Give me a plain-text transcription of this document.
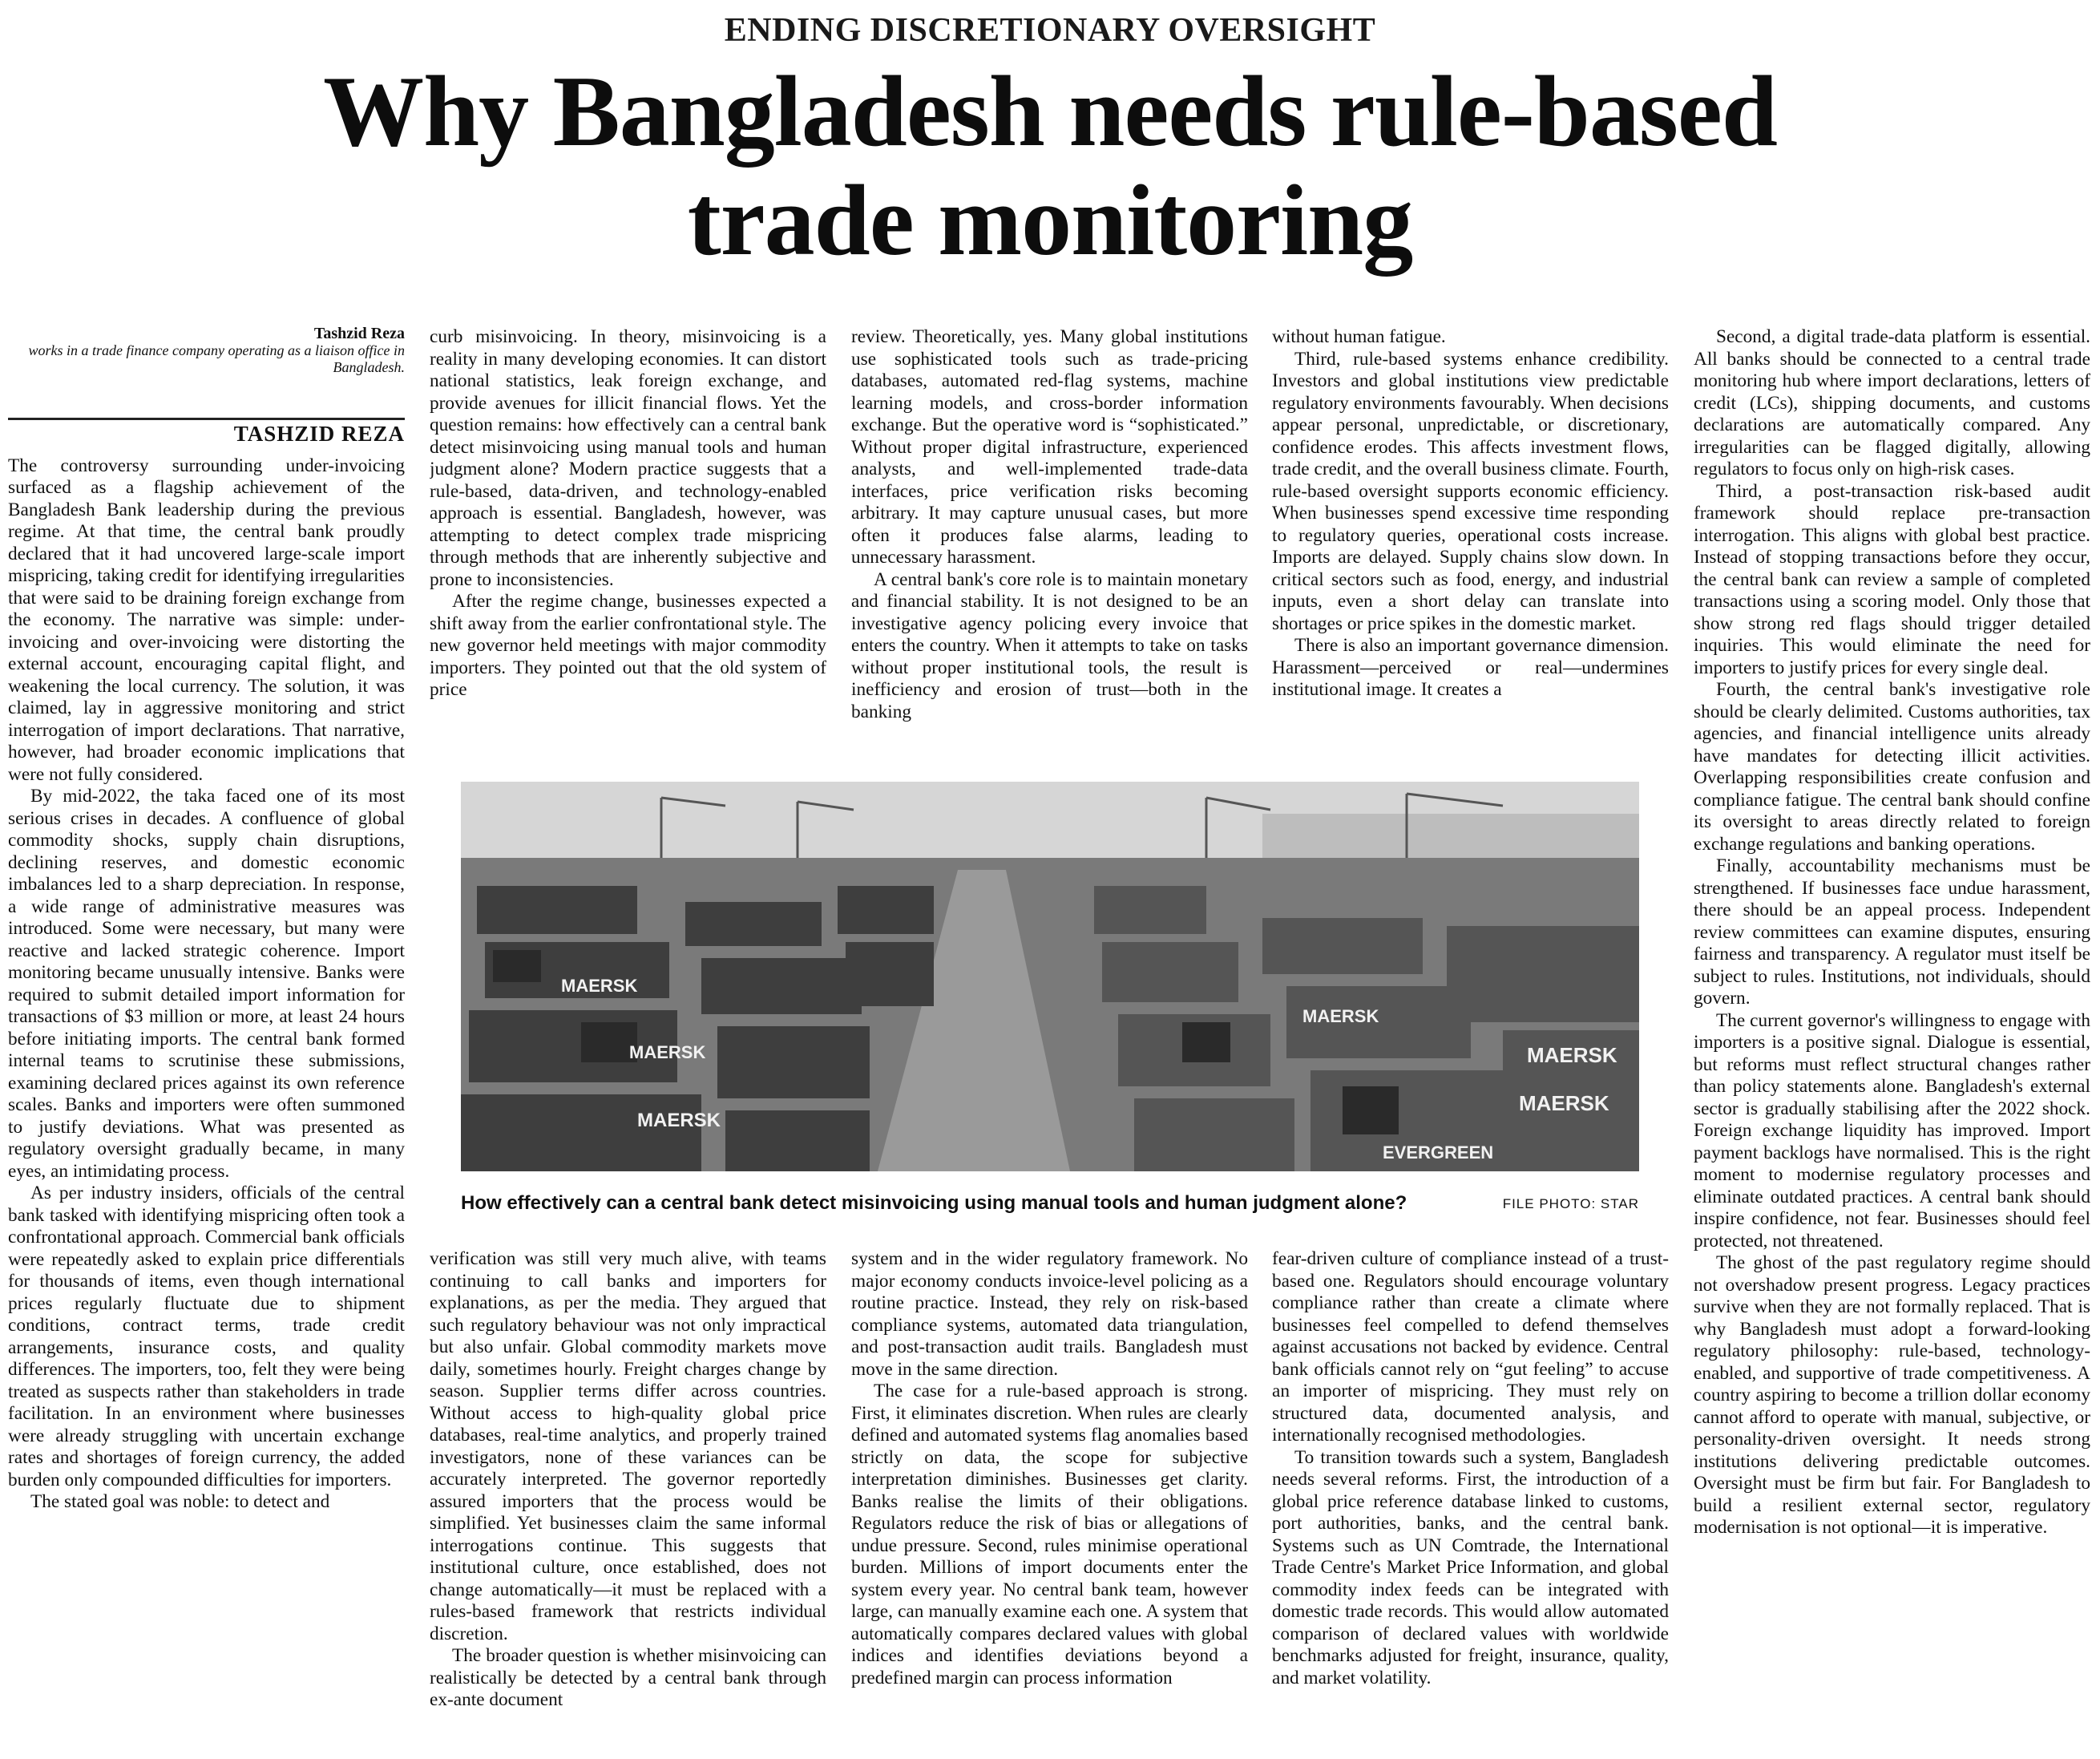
ENDING DISCRETIONARY OVERSIGHT
Why Bangladesh needs rule-based
trade monitoring
Tashzid Reza
works in a trade finance company operating as a liaison office in Bangladesh.
TASHZID REZA

The controversy surrounding under-invoicing surfaced as a flagship achievement of the Bangladesh Bank leadership during the previous regime. At that time, the central bank proudly declared that it had uncovered large-scale import mispricing, taking credit for identifying irregularities that were said to be draining foreign exchange from the economy. The narrative was simple: under-invoicing and over-invoicing were distorting the external account, encouraging capital flight, and weakening the local currency. The solution, it was claimed, lay in aggressive monitoring and strict interrogation of import declarations. That narrative, however, had broader economic implications that were not fully considered.

By mid-2022, the taka faced one of its most serious crises in decades. A confluence of global commodity shocks, supply chain disruptions, declining reserves, and domestic economic imbalances led to a sharp depreciation. In response, a wide range of administrative measures was introduced. Some were necessary, but many were reactive and lacked strategic coherence. Import monitoring became unusually intensive. Banks were required to submit detailed import information for transactions of $3 million or more, at least 24 hours before initiating imports. The central bank formed internal teams to scrutinise these submissions, examining declared prices against its own reference scales. Banks and importers were often summoned to justify deviations. What was presented as regulatory oversight gradually became, in many eyes, an intimidating process.

As per industry insiders, officials of the central bank tasked with identifying mispricing often took a confrontational approach. Commercial bank officials were repeatedly asked to explain price differentials for thousands of items, even though international prices regularly fluctuate due to shipment conditions, contract terms, trade credit arrangements, insurance costs, and quality differences. The importers, too, felt they were being treated as suspects rather than stakeholders in trade facilitation. In an environment where businesses were already struggling with uncertain exchange rates and shortages of foreign currency, the added burden only compounded difficulties for importers.

The stated goal was noble: to detect and

curb misinvoicing. In theory, misinvoicing is a reality in many developing economies. It can distort national statistics, leak foreign exchange, and provide avenues for illicit financial flows. Yet the question remains: how effectively can a central bank detect misinvoicing using manual tools and human judgment alone? Modern practice suggests that a rule-based, data-driven, and technology-enabled approach is essential. Bangladesh, however, was attempting to detect complex trade mispricing through methods that are inherently subjective and prone to inconsistencies.

After the regime change, businesses expected a shift away from the earlier confrontational style. The new governor held meetings with major commodity importers. They pointed out that the old system of price

review. Theoretically, yes. Many global institutions use sophisticated tools such as trade-pricing databases, automated red-flag systems, machine learning models, and cross-border information exchange. But the operative word is “sophisticated.” Without proper digital infrastructure, experienced analysts, and well-implemented trade-data interfaces, price verification risks becoming arbitrary. It may capture unusual cases, but more often it produces false alarms, leading to unnecessary harassment.

A central bank's core role is to maintain monetary and financial stability. It is not designed to be an investigative agency policing every invoice that enters the country. When it attempts to take on tasks without proper institutional tools, the result is inefficiency and erosion of trust—both in the banking

without human fatigue.

Third, rule-based systems enhance credibility. Investors and global institutions view predictable regulatory environments favourably. When decisions appear personal, unpredictable, or discretionary, confidence erodes. This affects investment flows, trade credit, and the overall business climate. Fourth, rule-based oversight supports economic efficiency. When businesses spend excessive time responding to regulatory queries, operational costs increase. Imports are delayed. Supply chains slow down. In critical sectors such as food, energy, and industrial inputs, even a short delay can translate into shortages or price spikes in the domestic market.

There is also an important governance dimension. Harassment—perceived or real—undermines institutional image. It creates a

MAERSK
MAERSK
MAERSK
MAERSK
MAERSK
MAERSK
EVERGREEN
How effectively can a central bank detect misinvoicing using manual tools and human judgment alone?	FILE PHOTO: STAR

verification was still very much alive, with teams continuing to call banks and importers for explanations, as per the media. They argued that such regulatory behaviour was not only impractical but also unfair. Global commodity markets move daily, sometimes hourly. Freight charges change by season. Supplier terms differ across countries. Without access to high-quality global price databases, real-time analytics, and properly trained investigators, none of these variances can be accurately interpreted. The governor reportedly assured importers that the process would be simplified. Yet businesses claim the same informal interrogations continue. This suggests that institutional culture, once established, does not change automatically—it must be replaced with a rules-based framework that restricts individual discretion.

The broader question is whether misinvoicing can realistically be detected by a central bank through ex-ante document

system and in the wider regulatory framework. No major economy conducts invoice-level policing as a routine practice. Instead, they rely on risk-based compliance systems, automated data triangulation, and post-transaction audit trails. Bangladesh must move in the same direction.

The case for a rule-based approach is strong. First, it eliminates discretion. When rules are clearly defined and automated systems flag anomalies based strictly on data, the scope for subjective interpretation diminishes. Businesses get clarity. Banks realise the limits of their obligations. Regulators reduce the risk of bias or allegations of undue pressure. Second, rules minimise operational burden. Millions of import documents enter the system every year. No central bank team, however large, can manually examine each one. A system that automatically compares declared values with global indices and identifies deviations beyond a predefined margin can process information

fear-driven culture of compliance instead of a trust-based one. Regulators should encourage voluntary compliance rather than create a climate where businesses feel compelled to defend themselves against accusations not backed by evidence. Central bank officials cannot rely on “gut feeling” to accuse an importer of mispricing. They must rely on structured data, documented analysis, and internationally recognised methodologies.

To transition towards such a system, Bangladesh needs several reforms. First, the introduction of a global price reference database linked to customs, port authorities, banks, and the central bank. Systems such as UN Comtrade, the International Trade Centre's Market Price Information, and global commodity index feeds can be integrated with domestic trade records. This would allow automated comparison of declared values with worldwide benchmarks adjusted for freight, insurance, quality, and market volatility.

Second, a digital trade-data platform is essential. All banks should be connected to a central trade monitoring hub where import declarations, letters of credit (LCs), shipping documents, and customs declarations are automatically compared. Any irregularities can be flagged digitally, allowing regulators to focus only on high-risk cases.

Third, a post-transaction risk-based audit framework should replace pre-transaction interrogation. This aligns with global best practice. Instead of stopping transactions before they occur, the central bank can review a sample of completed transactions using a scoring model. Only those that show strong red flags should trigger detailed inquiries. This would eliminate the need for importers to justify prices for every single deal.

Fourth, the central bank's investigative role should be clearly delimited. Customs authorities, tax agencies, and financial intelligence units already have mandates for detecting illicit activities. Overlapping responsibilities create confusion and compliance fatigue. The central bank should confine its oversight to areas directly related to foreign exchange regulations and banking operations.

Finally, accountability mechanisms must be strengthened. If businesses face undue harassment, there should be an appeal process. Independent review committees can examine disputes, ensuring fairness and transparency. A regulator must itself be subject to rules. Institutions, not individuals, should govern.

The current governor's willingness to engage with importers is a positive signal. Dialogue is essential, but reforms must reflect structural changes rather than policy statements alone. Bangladesh's external sector is gradually stabilising after the 2022 shock. Foreign exchange liquidity has improved. Import payment backlogs have normalised. This is the right moment to modernise regulatory processes and eliminate outdated practices. A central bank should inspire confidence, not fear. Businesses should feel protected, not threatened.

The ghost of the past regulatory regime should not overshadow present progress. Legacy practices survive when they are not formally replaced. That is why Bangladesh must adopt a forward-looking regulatory philosophy: rule-based, technology-enabled, and supportive of trade competitiveness. A country aspiring to become a trillion dollar economy cannot afford to operate with manual, subjective, or personality-driven oversight. It needs strong institutions delivering predictable outcomes. Oversight must be firm but fair. For Bangladesh to build a resilient external sector, regulatory modernisation is not optional—it is imperative.
